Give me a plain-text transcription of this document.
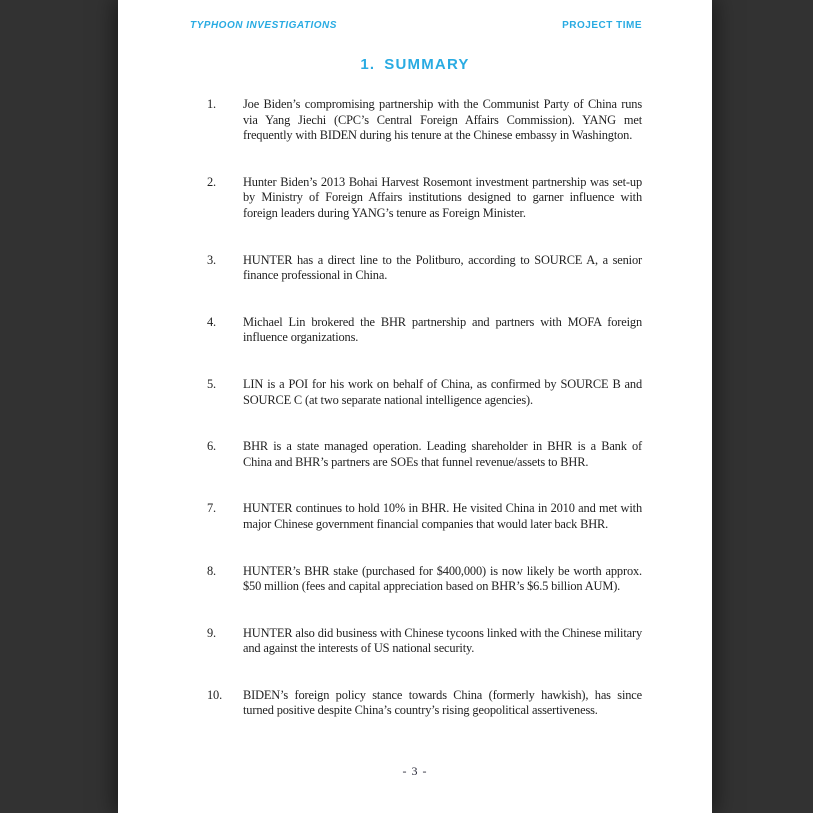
TYPHOON INVESTIGATIONS	PROJECT TIME
1. SUMMARY
1.	Joe Biden’s compromising partnership with the Communist Party of China runs via Yang Jiechi (CPC’s Central Foreign Affairs Commission). YANG met frequently with BIDEN during his tenure at the Chinese embassy in Washington.
2.	Hunter Biden’s 2013 Bohai Harvest Rosemont investment partnership was set-up by Ministry of Foreign Affairs institutions designed to garner influence with foreign leaders during YANG’s tenure as Foreign Minister.
3.	HUNTER has a direct line to the Politburo, according to SOURCE A, a senior finance professional in China.
4.	Michael Lin brokered the BHR partnership and partners with MOFA foreign influence organizations.
5.	LIN is a POI for his work on behalf of China, as confirmed by SOURCE B and SOURCE C (at two separate national intelligence agencies).
6.	BHR is a state managed operation. Leading shareholder in BHR is a Bank of China and BHR’s partners are SOEs that funnel revenue/assets to BHR.
7.	HUNTER continues to hold 10% in BHR. He visited China in 2010 and met with major Chinese government financial companies that would later back BHR.
8.	HUNTER’s BHR stake (purchased for $400,000) is now likely be worth approx. $50 million (fees and capital appreciation based on BHR’s $6.5 billion AUM).
9.	HUNTER also did business with Chinese tycoons linked with the Chinese military and against the interests of US national security.
10.	BIDEN’s foreign policy stance towards China (formerly hawkish), has since turned positive despite China’s country’s rising geopolitical assertiveness.
- 3 -
